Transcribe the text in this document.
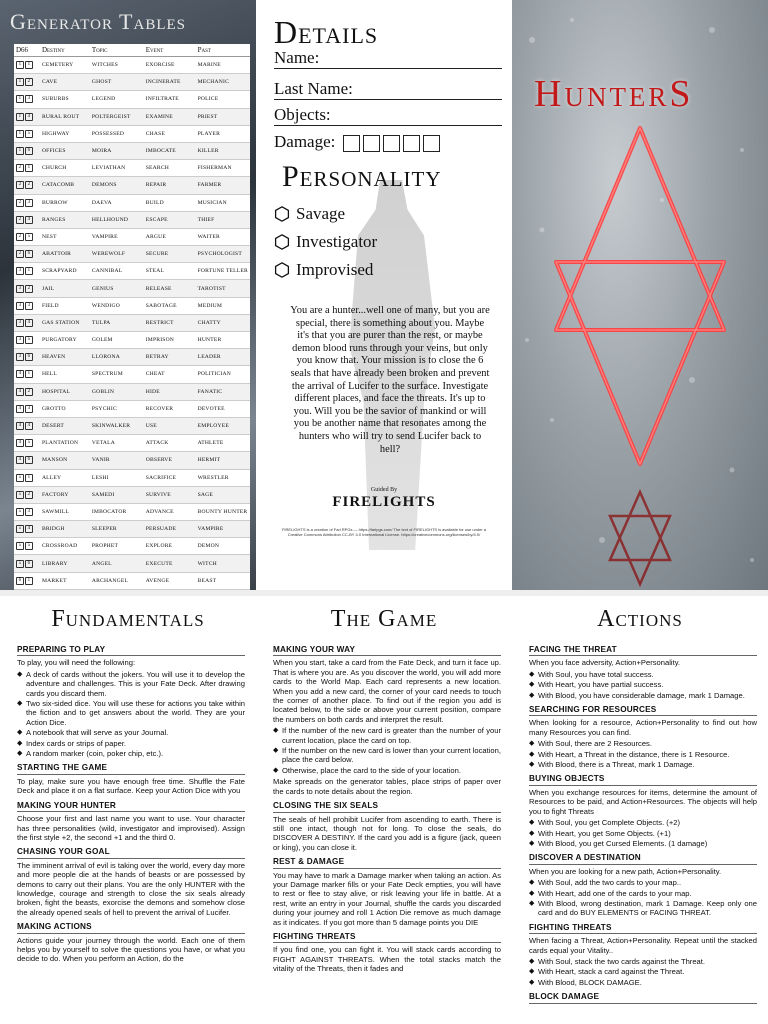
Generator Tables
D66	Destiny	Topic	Event	Past

1 1	CEMETERY	WITCHES	EXORCISE	MARINE

1 2	CAVE	GHOST	INCINERATE	MECHANIC

1 3	SUBURBS	LEGEND	INFILTRATE	POLICE

1 4	RURAL ROUT	POLTERGEIST	EXAMINE	PRIEST

1 5	HIGHWAY	POSSESSED	CHASE	PLAYER

1 6	OFFICES	MOIRA	IMBOCATE	KILLER

2 1	CHURCH	LEVIATHAN	SEARCH	FISHERMAN

2 2	CATACOMB	DEMONS	REPAIR	FARMER

2 3	BURROW	DAEVA	BUILD	MUSICIAN

2 4	RANGES	HELLHOUND	ESCAPE	THIEF

2 5	NEST	VAMPIRE	ARGUE	WAITER

2 6	ABATTOIR	WEREWOLF	SECURE	PSYCHOLOGIST

3 1	SCRAPYARD	CANNIBAL	STEAL	FORTUNE TELLER

3 2	JAIL	GENIUS	RELEASE	TAROTIST

3 3	FIELD	WENDIGO	SABOTAGE	MEDIUM

3 4	GAS STATION	TULPA	RESTRICT	CHATTY

3 5	PURGATORY	GOLEM	IMPRISON	HUNTER

3 6	HEAVEN	LLORONA	BETRAY	LEADER

4 1	HELL	SPECTRUM	CHEAT	POLITICIAN

4 2	HOSPITAL	GOBLIN	HIDE	FANATIC

4 3	GROTTO	PSYCHIC	RECOVER	DEVOTEE

4 4	DESERT	SKINWALKER	USE	EMPLOYEE

4 5	PLANTATION	VETALA	ATTACK	ATHLETE

4 6	MANSON	VANIR	OBSERVE	HERMIT

5 1	ALLEY	LESHI	SACRIFICE	WRESTLER

5 2	FACTORY	SAMEDI	SURVIVE	SAGE

5 3	SAWMILL	IMBOCATOR	ADVANCE	BOUNTY HUNTER

5 4	BRIDGH	SLEEPER	PERSUADE	VAMPIRE

5 5	CROSSROAD	PROPHET	EXPLORE	DEMON

5 6	LIBRARY	ANGEL	EXECUTE	WITCH

6 1	MARKET	ARCHANGEL	AVENGE	BEAST

Details
Name:
Last Name:
Objects:
Damage:
Personality
Savage
Investigator
Improvised
You are a hunter...well one of many, but you are special, there is something about you. Maybe it's that you are purer than the rest, or maybe demon blood runs through your veins, but only you know that. Your mission is to close the 6 seals that have already been broken and prevent the arrival of Lucifer to the surface. Investigate different places, and face the threats. It's up to you. Will you be the savior of mankind or will you be another name that resonates among the hunters who will try to send Lucifer back to hell?
Guided By
FIRELIGHTS
FIRELIGHTS is a creation of Farl RPGs — https://farlpgs.com/ The text of FIRELIGHTS is available for use under a Creative Commons Attribution CC-BY 4.0 International License. https://creativecommons.org/licenses/by/4.0/
HunterS
Fundamentals
PREPARING TO PLAY

To play, you will need the following:

◆ A deck of cards without the jokers. You will use it to develop the adventure and challenges. This is your Fate Deck. After drawing cards you discard them.
◆ Two six-sided dice. You will use these for actions you take within the fiction and to get answers about the world. They are your Action Dice.
◆ A notebook that will serve as your Journal.
◆ Index cards or strips of paper.
◆ A random marker (coin, poker chip, etc.).
STARTING THE GAME

To play, make sure you have enough free time. Shuffle the Fate Deck and place it on a flat surface. Keep your Action Dice with you

MAKING YOUR HUNTER

Choose your first and last name you want to use. Your character has three personalities (wild, investigator and improvised). Assign the first style +2, the second +1 and the third 0.

CHASING YOUR GOAL

The imminent arrival of evil is taking over the world, every day more and more people die at the hands of beasts or are possessed by demons to carry out their plans. You are the only HUNTER with the knowledge, courage and strength to close the six seals already broken, fight the beasts, exorcise the demons and somehow close the already opened seals of hell to prevent the arrival of Lucifer.

MAKING ACTIONS

Actions guide your journey through the world. Each one of them helps you by yourself to solve the questions you have, or what you decide to do. When you perform an Action, do the

The Game
MAKING YOUR WAY

When you start, take a card from the Fate Deck, and turn it face up. That is where you are. As you discover the world, you will add more cards to the World Map. Each card represents a new location. When you add a new card, the corner of your card needs to touch the corner of another place. To find out if the region you add is located below, to the side or above your current position, compare the numbers on both cards and interpret the result.

◆ If the number of the new card is greater than the number of your current location, place the card on top.
◆ If the number on the new card is lower than your current location, place the card below.
◆ Otherwise, place the card to the side of your location.

Make spreads on the generator tables, place strips of paper over the cards to note details about the region.

CLOSING THE SIX SEALS

The seals of hell prohibit Lucifer from ascending to earth. There is still one intact, though not for long. To close the seals, do DISCOVER A DESTINY. If the card you add is a figure (jack, queen or king), you can close it.

REST & DAMAGE

You may have to mark a Damage marker when taking an action. As your Damage marker fills or your Fate Deck empties, you will have to rest or flee to stay alive, or risk leaving your life in battle. At a rest, write an entry in your Journal, shuffle the cards you discarded during your journey and roll 1 Action Die remove as much damage as it indicates. If you got more than 5 damage points you DIE

FIGHTING THREATS

If you find one, you can fight it. You will stack cards according to FIGHT AGAINST THREATS. When the total stacks match the vitality of the Threats, then it fades and

Actions
FACING THE THREAT

When you face adversity, Action+Personality.

◆ With Soul, you have total success.
◆ With Heart, you have partial success.
◆ With Blood, you have considerable damage, mark 1 Damage.
SEARCHING FOR RESOURCES

When looking for a resource, Action+Personality to find out how many Resources you can find.

◆ With Soul, there are 2 Resources.
◆ With Heart, a Threat in the distance, there is 1 Resource.
◆ With Blood, there is a Threat, mark 1 Damage.
BUYING OBJECTS

When you exchange resources for items, determine the amount of Resources to be paid, and Action+Resources. The objects will help you to fight Threats

◆ With Soul, you get Complete Objects. (+2)
◆ With Heart, you get Some Objects. (+1)
◆ With Blood, you get Cursed Elements. (1 damage)
DISCOVER A DESTINATION

When you are looking for a new path, Action+Personality.

◆ With Soul, add the two cards to your map..
◆ With Heart, add one of the cards to your map.
◆ With Blood, wrong destination, mark 1 Damage. Keep only one card and do BUY ELEMENTS or FACING THREAT.
FIGHTING THREATS

When facing a Threat, Action+Personality. Repeat until the stacked cards equal your Vitality..

◆ With Soul, stack the two cards against the Threat.
◆ With Heart, stack a card against the Threat.
◆ With Blood, BLOCK DAMAGE.
BLOCK DAMAGE
